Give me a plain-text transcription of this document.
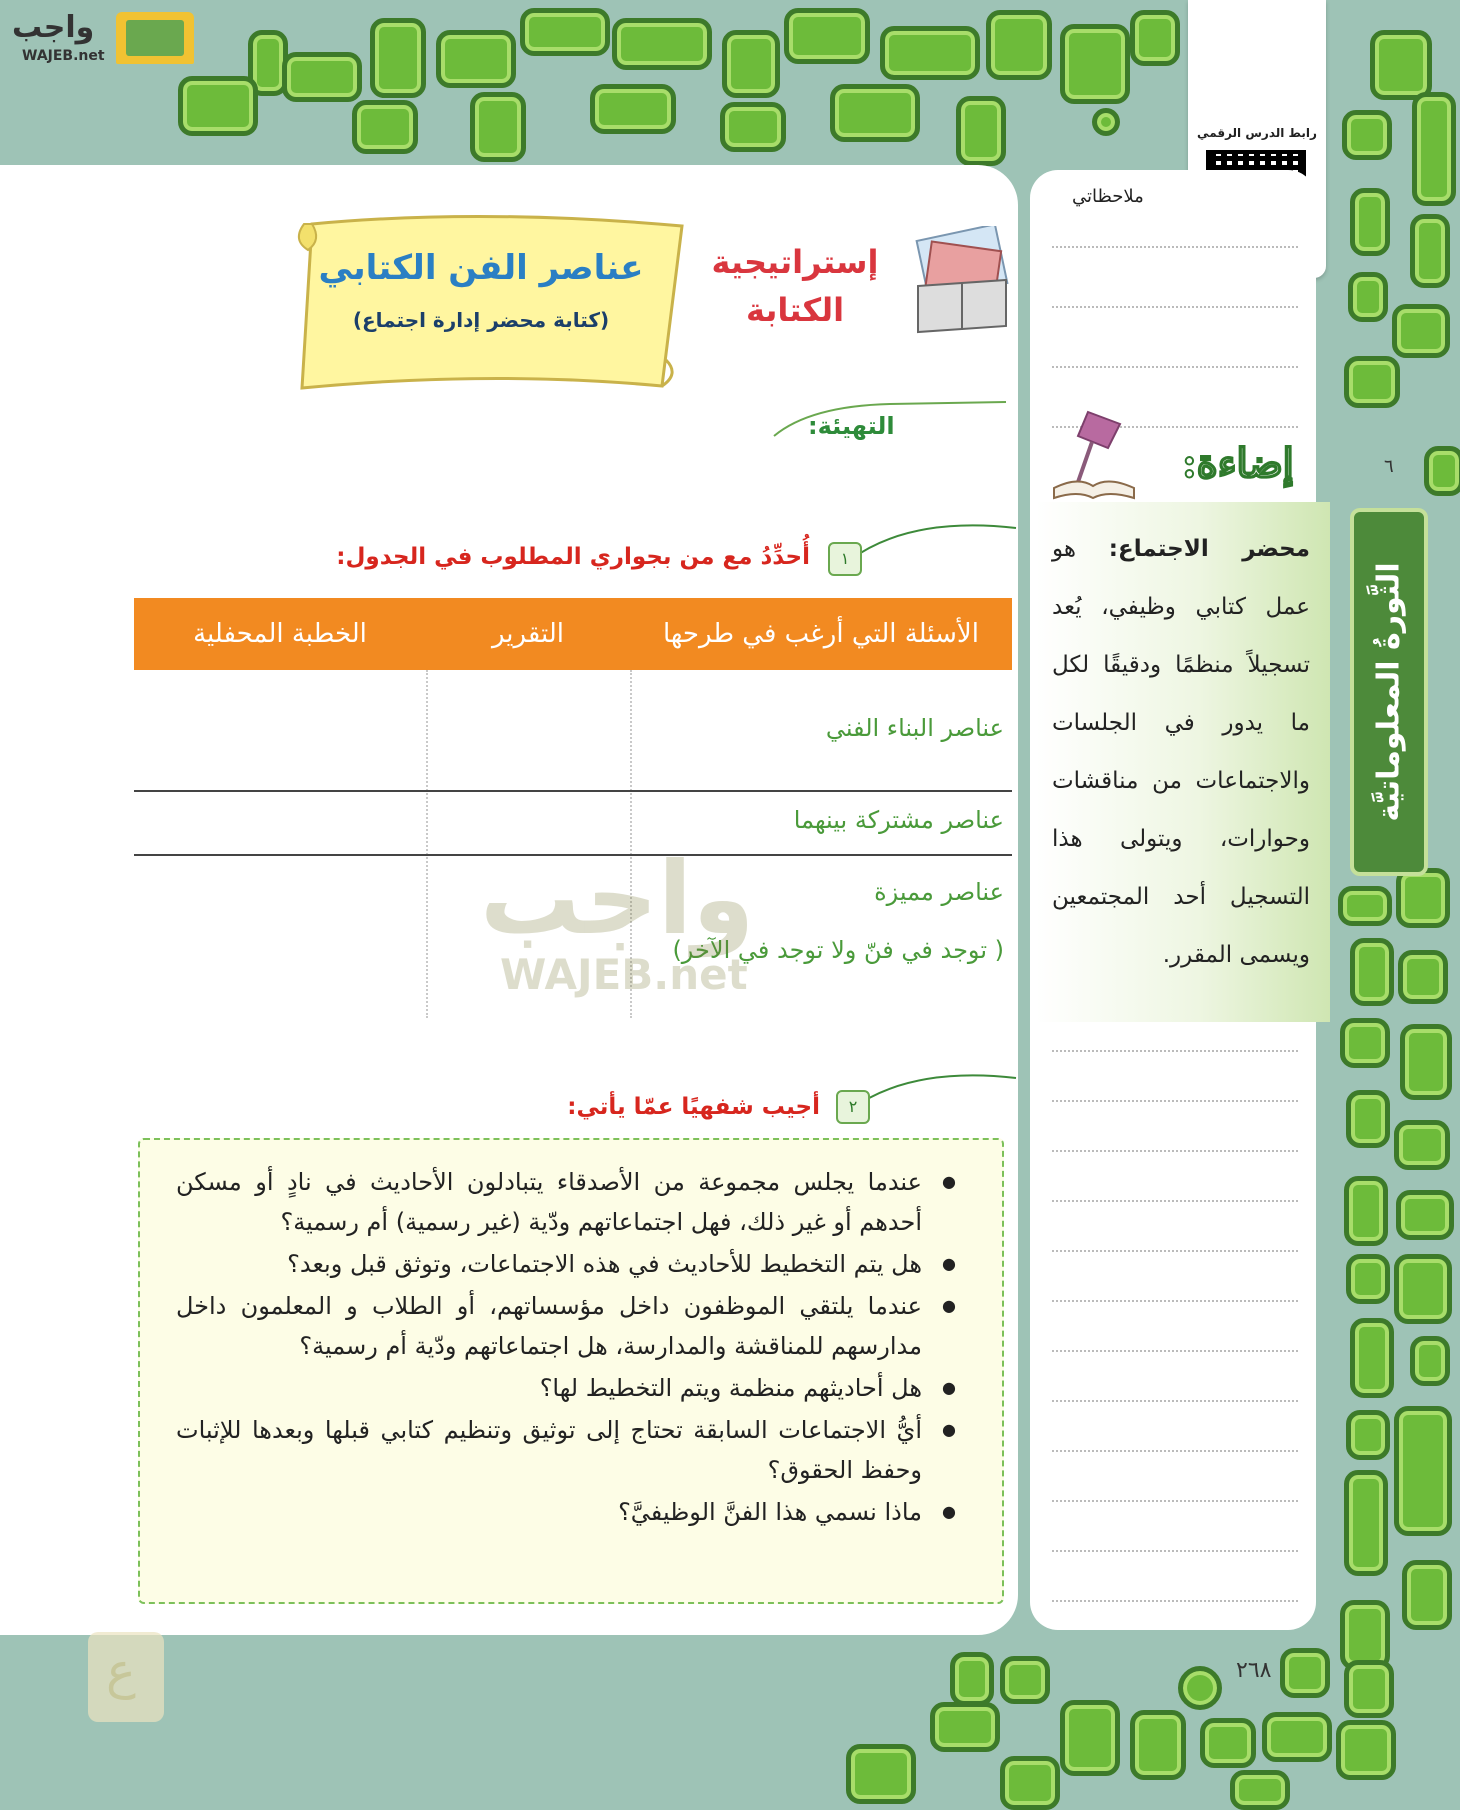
واجب
WAJEB.net
رابط الدرس الرقمي
ملاحظاتي
٦
الثَّورةُ المعلوماتيَّة
إضاءة:
محضر الاجتماع: هو عمل كتابي وظيفي، يُعد تسجيلاً منظمًا ودقيقًا لكل ما يدور في الجلسات والاجتماعات من مناقشات وحوارات، ويتولى هذا التسجيل أحد المجتمعين ويسمى المقرر.
عناصر الفن الكتابي
(كتابة محضر إدارة اجتماع)
إستراتيجية
الكتابة
التهيئة:
١
أُحدِّدُ مع من بجواري المطلوب في الجدول:
الأسئلة التي أرغب في طرحها
التقرير
الخطبة المحفلية
عناصر البناء الفني
عناصر مشتركة بينهما
عناصر مميزة
( توجد في فنّ ولا توجد في الآخر)
واجب
WAJEB.net
٢
أجيب شفهيًا عمّا يأتي:
● عندما يجلس مجموعة من الأصدقاء يتبادلون الأحاديث في نادٍ أو مسكن أحدهم أو غير ذلك، فهل اجتماعاتهم ودّية (غير رسمية) أم رسمية؟
● هل يتم التخطيط للأحاديث في هذه الاجتماعات، وتوثق قبل وبعد؟
● عندما يلتقي الموظفون داخل مؤسساتهم، أو الطلاب و المعلمون داخل مدارسهم للمناقشة والمدارسة، هل اجتماعاتهم ودّية أم رسمية؟
● هل أحاديثهم منظمة ويتم التخطيط لها؟
● أيُّ الاجتماعات السابقة تحتاج إلى توثيق وتنظيم كتابي قبلها وبعدها للإثبات وحفظ الحقوق؟
● ماذا نسمي هذا الفنَّ الوظيفيَّ؟
ع
٢٦٨
